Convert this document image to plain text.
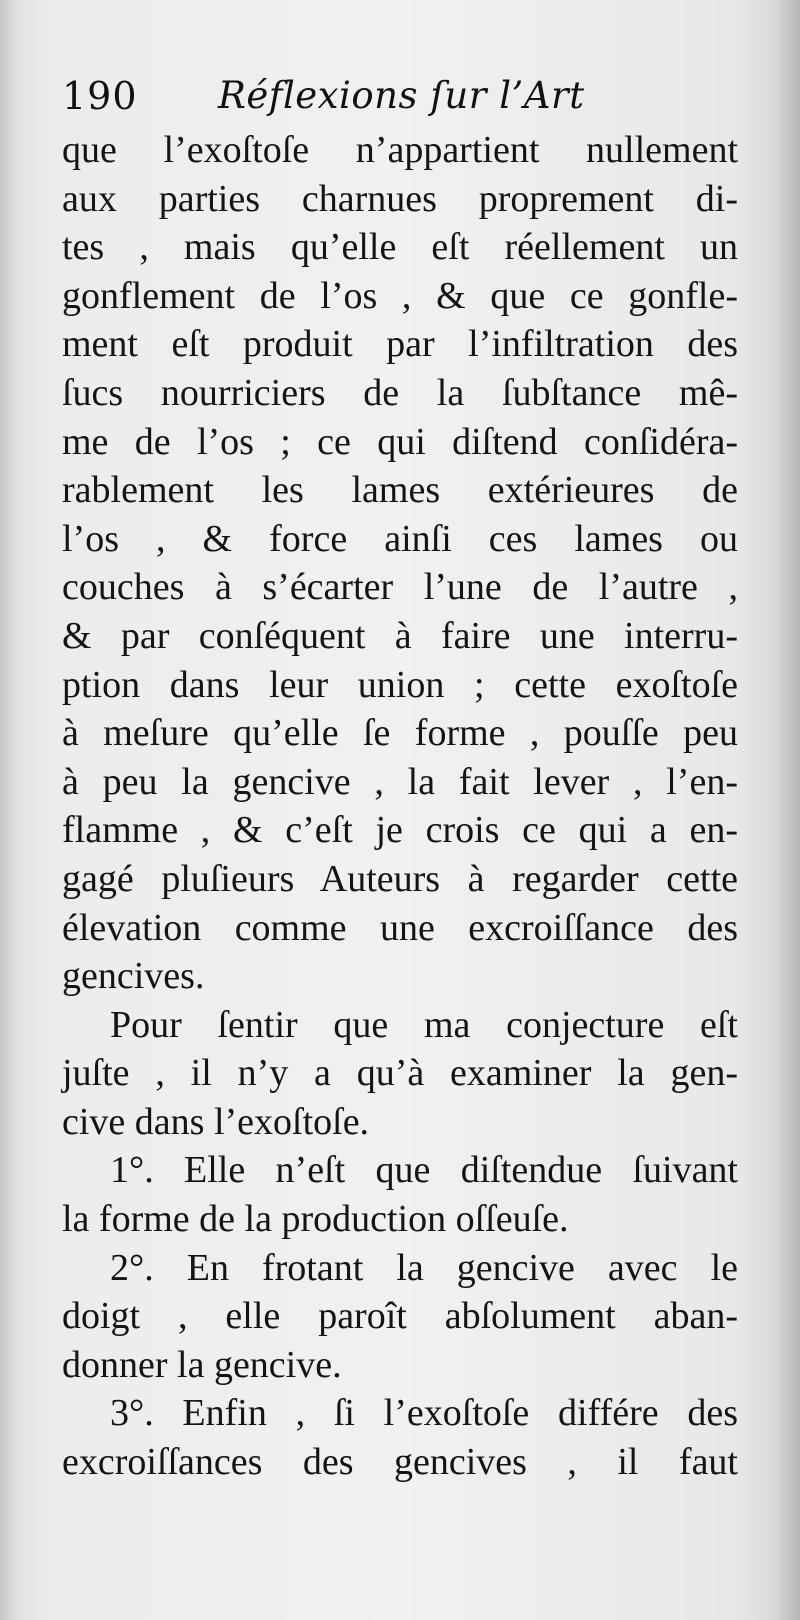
190 Réflexions ſur l’Art
que l’exoſtoſe n’appartient nullement
aux parties charnues proprement di-
tes , mais qu’elle eſt réellement un
gonflement de l’os , & que ce gonfle-
ment eſt produit par l’infiltration des
ſucs nourriciers de la ſubſtance mê-
me de l’os ; ce qui diſtend conſidéra-
rablement les lames extérieures de
l’os , & force ainſi ces lames ou
couches à s’écarter l’une de l’autre ,
& par conſéquent à faire une interru-
ption dans leur union ; cette exoſtoſe
à meſure qu’elle ſe forme , pouſſe peu
à peu la gencive , la fait lever , l’en-
flamme , & c’eſt je crois ce qui a en-
gagé pluſieurs Auteurs à regarder cette
élevation comme une excroiſſance des
gencives.
Pour ſentir que ma conjecture eſt
juſte , il n’y a qu’à examiner la gen-
cive dans l’exoſtoſe.
1°. Elle n’eſt que diſtendue ſuivant
la forme de la production oſſeuſe.
2°. En frotant la gencive avec le
doigt , elle paroît abſolument aban-
donner la gencive.
3°. Enfin , ſi l’exoſtoſe différe des
excroiſſances des gencives , il faut
